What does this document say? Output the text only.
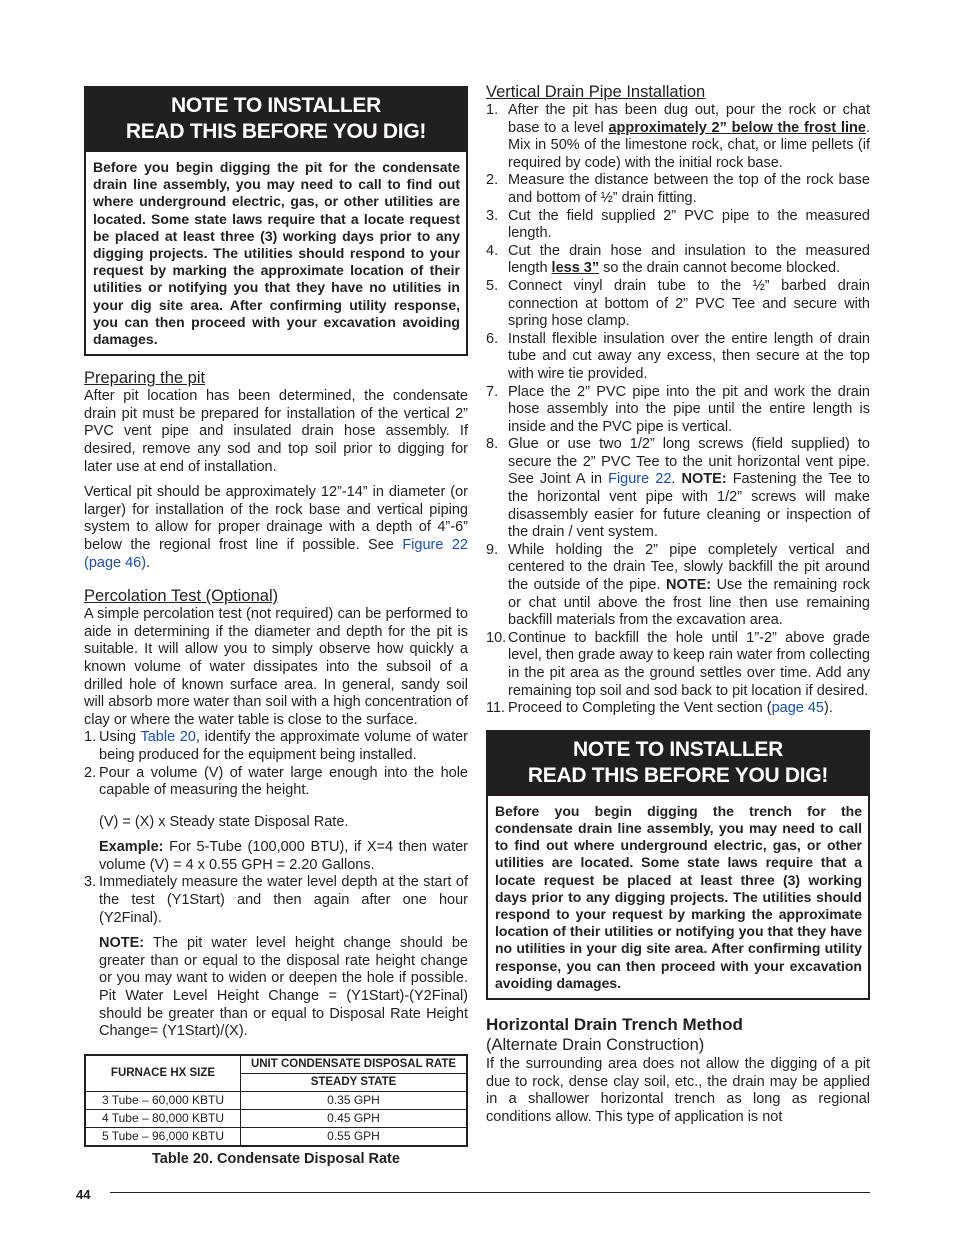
NOTE TO INSTALLER
READ THIS BEFORE YOU DIG!
Before you begin digging the pit for the condensate drain line assembly, you may need to call to find out where underground electric, gas, or other utilities are located. Some state laws require that a locate request be placed at least three (3) working days prior to any digging projects. The utilities should respond to your request by marking the approximate location of their utilities or notifying you that they have no utilities in your dig site area. After confirming utility response, you can then proceed with your excavation avoiding damages.
Preparing the pit

After pit location has been determined, the condensate drain pit must be prepared for installation of the vertical 2” PVC vent pipe and insulated drain hose assembly. If desired, remove any sod and top soil prior to digging for later use at end of installation.

Vertical pit should be approximately 12”-14” in diameter (or larger) for installation of the rock base and vertical piping system to allow for proper drainage with a depth of 4”-6” below the regional frost line if possible. See Figure 22 (page 46).

Percolation Test (Optional)

A simple percolation test (not required) can be performed to aide in determining if the diameter and depth for the pit is suitable. It will allow you to simply observe how quickly a known volume of water dissipates into the subsoil of a drilled hole of known surface area. In general, sandy soil will absorb more water than soil with a high concentration of clay or where the water table is close to the surface.

1. Using Table 20, identify the approximate volume of water being produced for the equipment being installed.
2. Pour a volume (V) of water large enough into the hole capable of measuring the height.

(V) = (X) x Steady state Disposal Rate.

Example: For 5-Tube (100,000 BTU), if X=4 then water volume (V) = 4 x 0.55 GPH = 2.20 Gallons.

3. Immediately measure the water level depth at the start of the test (Y1Start) and then again after one hour (Y2Final).

NOTE: The pit water level height change should be greater than or equal to the disposal rate height change or you may want to widen or deepen the hole if possible. Pit Water Level Height Change = (Y1Start)-(Y2Final) should be greater than or equal to Disposal Rate Height Change= (Y1Start)/(X).

FURNACE HX SIZE	UNIT CONDENSATE DISPOSAL RATE
	STEADY STATE
3 Tube – 60,000 KBTU	0.35 GPH
4 Tube – 80,000 KBTU	0.45 GPH
5 Tube – 96,000 KBTU	0.55 GPH
Table 20. Condensate Disposal Rate
Vertical Drain Pipe Installation
1. After the pit has been dug out, pour the rock or chat base to a level approximately 2” below the frost line. Mix in 50% of the limestone rock, chat, or lime pellets (if required by code) with the initial rock base.
2. Measure the distance between the top of the rock base and bottom of ½” drain fitting.
3. Cut the field supplied 2” PVC pipe to the measured length.
4. Cut the drain hose and insulation to the measured length less 3” so the drain cannot become blocked.
5. Connect vinyl drain tube to the ½” barbed drain connection at bottom of 2” PVC Tee and secure with spring hose clamp.
6. Install flexible insulation over the entire length of drain tube and cut away any excess, then secure at the top with wire tie provided.
7. Place the 2” PVC pipe into the pit and work the drain hose assembly into the pipe until the entire length is inside and the PVC pipe is vertical.
8. Glue or use two 1/2” long screws (field supplied) to secure the 2” PVC Tee to the unit horizontal vent pipe. See Joint A in Figure 22. NOTE: Fastening the Tee to the horizontal vent pipe with 1/2” screws will make disassembly easier for future cleaning or inspection of the drain / vent system.
9. While holding the 2” pipe completely vertical and centered to the drain Tee, slowly backfill the pit around the outside of the pipe. NOTE: Use the remaining rock or chat until above the frost line then use remaining backfill materials from the excavation area.
10. Continue to backfill the hole until 1”-2” above grade level, then grade away to keep rain water from collecting in the pit area as the ground settles over time. Add any remaining top soil and sod back to pit location if desired.
11. Proceed to Completing the Vent section (page 45).
NOTE TO INSTALLER
READ THIS BEFORE YOU DIG!
Before you begin digging the trench for the condensate drain line assembly, you may need to call to find out where underground electric, gas, or other utilities are located. Some state laws require that a locate request be placed at least three (3) working days prior to any digging projects. The utilities should respond to your request by marking the approximate location of their utilities or notifying you that they have no utilities in your dig site area. After confirming utility response, you can then proceed with your excavation avoiding damages.
Horizontal Drain Trench Method
(Alternate Drain Construction)

If the surrounding area does not allow the digging of a pit due to rock, dense clay soil, etc., the drain may be applied in a shallower horizontal trench as long as regional conditions allow. This type of application is not

44
